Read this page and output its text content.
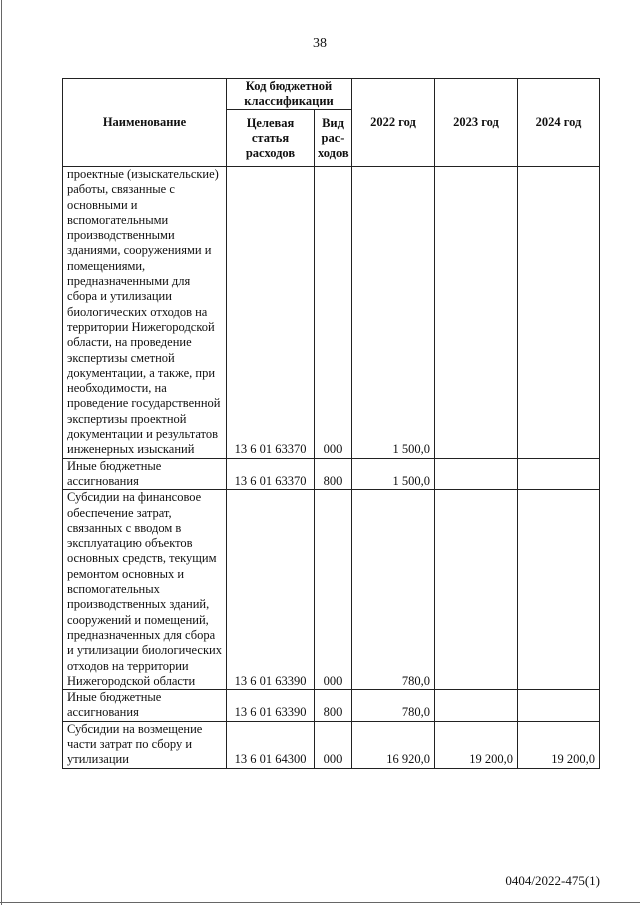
38
Наименование	Код бюджетной классификации		2022 год	2023 год	2024 год
	Целевая статья расходов	Вид рас-ходов			
проектные (изыскательские) работы, связанные с основными и вспомогательными производственными зданиями, сооружениями и помещениями, предназначенными для сбора и утилизации биологических отходов на территории Нижегородской области, на проведение экспертизы сметной документации, а также, при необходимости, на проведение государственной экспертизы проектной документации и результатов инженерных изысканий	13 6 01 63370	000	1 500,0		
Иные бюджетные ассигнования	13 6 01 63370	800	1 500,0		
Субсидии на финансовое обеспечение затрат, связанных с вводом в эксплуатацию объектов основных средств, текущим ремонтом основных и вспомогательных производственных зданий, сооружений и помещений, предназначенных для сбора и утилизации биологических отходов на территории Нижегородской области	13 6 01 63390	000	780,0		
Иные бюджетные ассигнования	13 6 01 63390	800	780,0		
Субсидии на возмещение части затрат по сбору и утилизации	13 6 01 64300	000	16 920,0	19 200,0	19 200,0
0404/2022-475(1)
